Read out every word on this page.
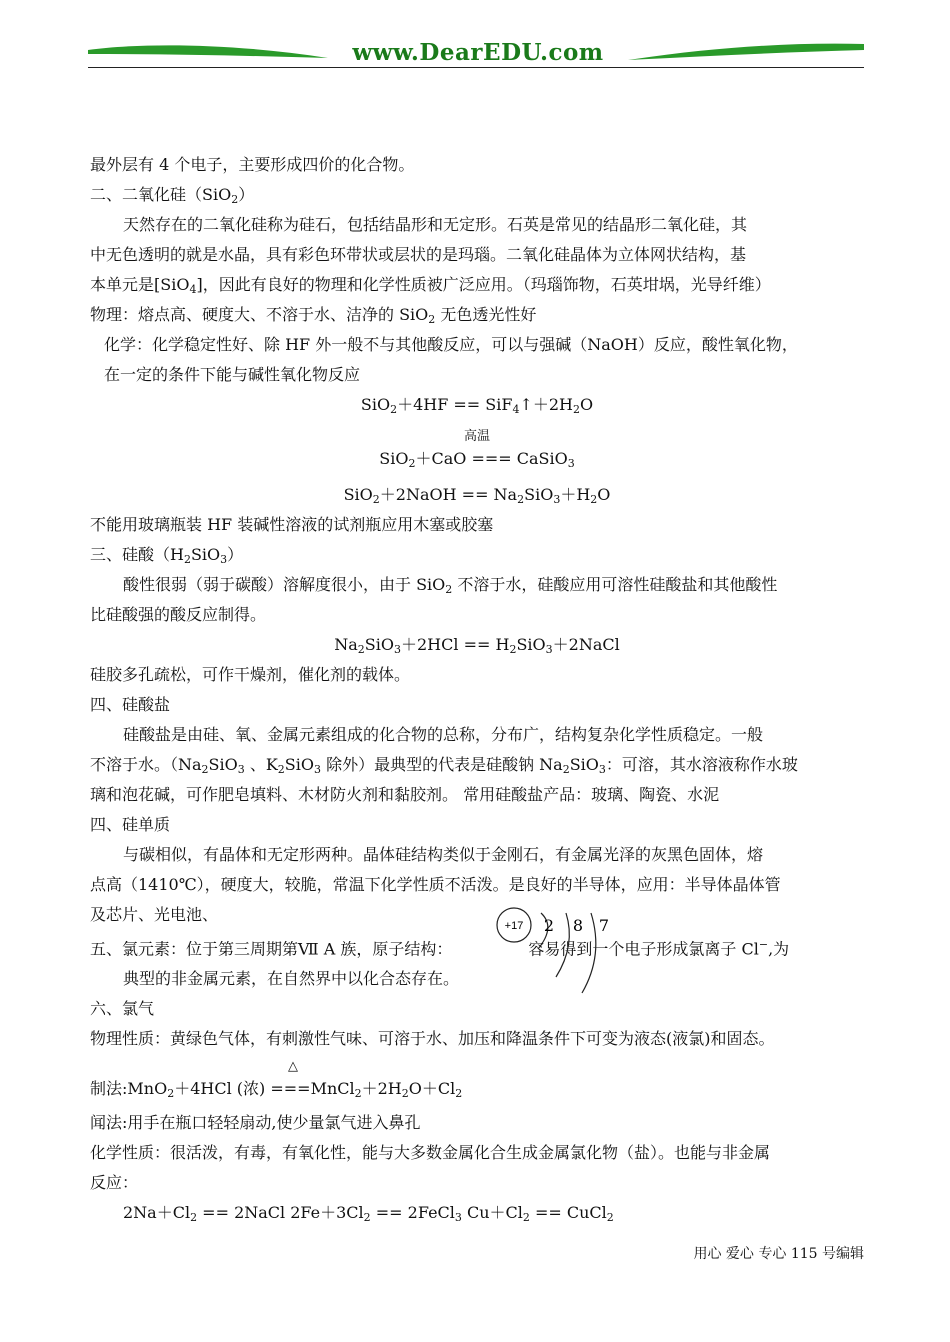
www.DearEDU.com

最外层有 4 个电子，主要形成四价的化合物。

二、二氧化硅（SiO$_2$）

天然存在的二氧化硅称为硅石，包括结晶形和无定形。石英是常见的结晶形二氧化硅，其

中无色透明的就是水晶，具有彩色环带状或层状的是玛瑙。二氧化硅晶体为立体网状结构，基

本单元是[SiO$_4$]，因此有良好的物理和化学性质被广泛应用。（玛瑙饰物，石英坩埚，光导纤维）

物理：熔点高、硬度大、不溶于水、洁净的 SiO$_2$ 无色透光性好

化学：化学稳定性好、除 HF 外一般不与其他酸反应，可以与强碱（NaOH）反应，酸性氧化物，

在一定的条件下能与碱性氧化物反应

$SiO_2+4HF == SiF_4↑+2H_2O$

高温

SiO$_2$＋CaO === CaSiO$_3$

SiO$_2$＋2NaOH == $Na_2SiO_3+H_2O$

不能用玻璃瓶装 HF 装碱性溶液的试剂瓶应用木塞或胶塞

三、硅酸$(H_2SiO_3)$

酸性很弱（弱于碳酸）溶解度很小，由于 SiO$_2$ 不溶于水，硅酸应用可溶性硅酸盐和其他酸性

比硅酸强的酸反应制得。

$Na_2SiO_3+2HCl$ == $H_2SiO_3+2NaCl$

硅胶多孔疏松，可作干燥剂，催化剂的载体。

四、硅酸盐

硅酸盐是由硅、氧、金属元素组成的化合物的总称，分布广，结构复杂化学性质稳定。一般

不溶于水。（$Na_2SiO_3$ 、$K_2SiO_3$ 除外）最典型的代表是硅酸钠 $Na_2SiO_3$：可溶，其水溶液称作水玻

璃和泡花碱，可作肥皂填料、木材防火剂和黏胶剂。 常用硅酸盐产品：玻璃、陶瓷、水泥

四、硅单质

与碳相似，有晶体和无定形两种。晶体硅结构类似于金刚石，有金属光泽的灰黑色固体，熔

点高（1410℃），硬度大，较脆，常温下化学性质不活泼。是良好的半导体，应用：半导体晶体管

及芯片、光电池、

五、氯元素：位于第三周期第Ⅶ A 族，原子结构：	容易得到一个电子形成氯离子 Cl−,为

典型的非金属元素，在自然界中以化合态存在。

六、氯气

物理性质：黄绿色气体，有刺激性气味、可溶于水、加压和降温条件下可变为液态(液氯)和固态。

△

制法:MnO$_2$＋4HCl (浓) $===MnCl_2+2H_2O+Cl_2$

闻法:用手在瓶口轻轻扇动,使少量氯气进入鼻孔

化学性质：很活泼，有毒，有氧化性，能与大多数金属化合生成金属氯化物（盐）。也能与非金属

反应：

$2Na+Cl_2$ == 2NaCl $2Fe+3Cl_2$ == 2FeCl$_3$ $Cu+Cl_2$ == CuCl$_2$

+17 2 8 7
用心 爱心 专心 115 号编辑
